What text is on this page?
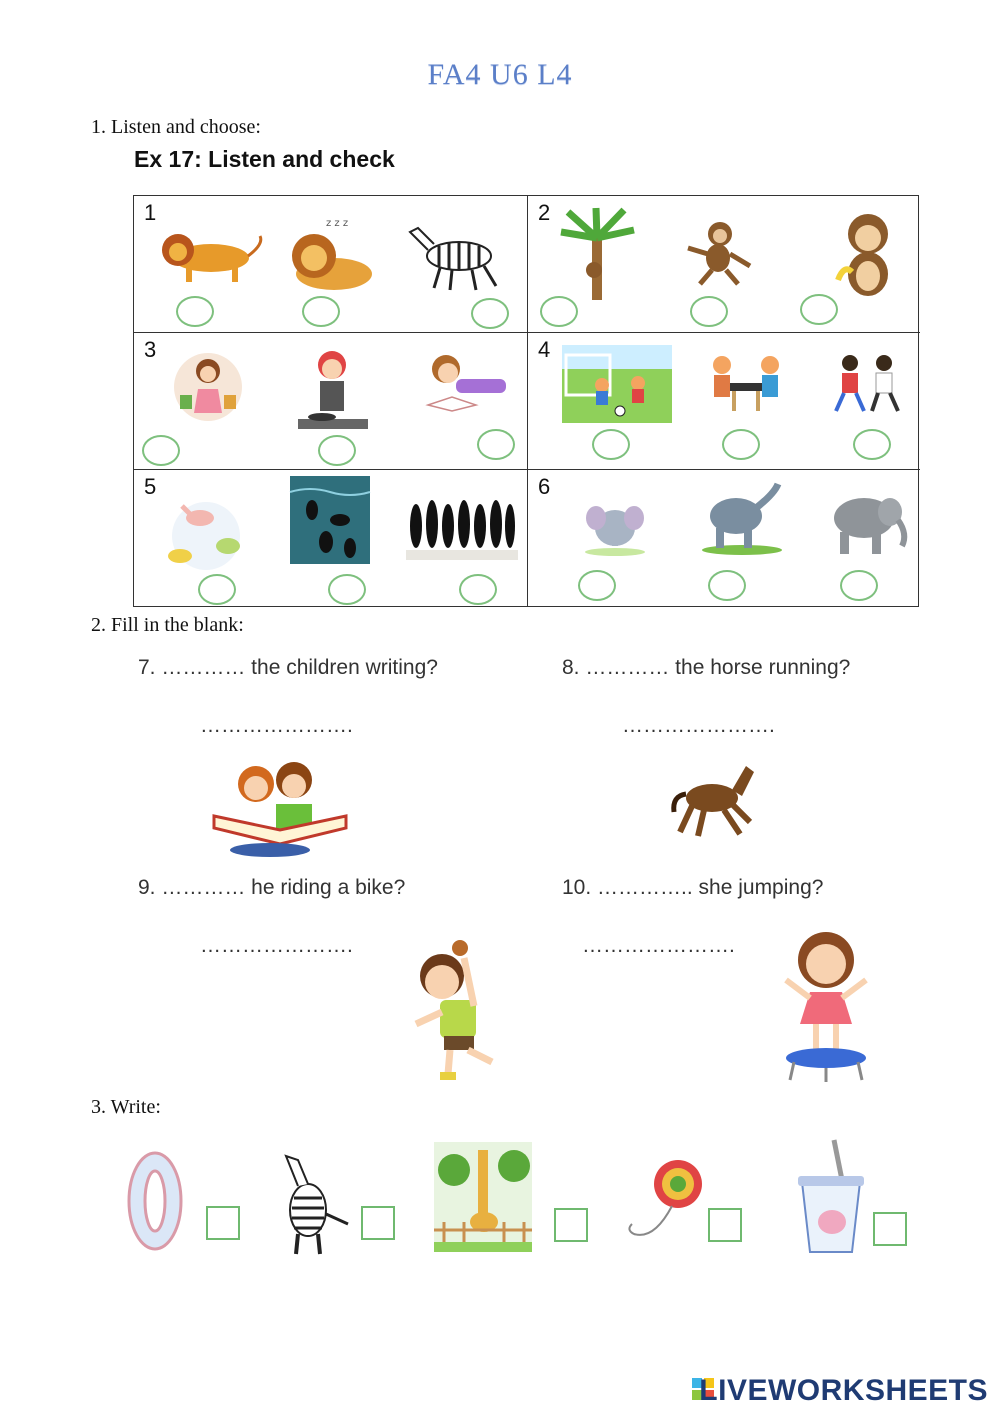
FA4 U6 L4
1. Listen and choose:
Ex 17: Listen and check
1	z z z	2
3	4
5	6
2. Fill in the blank:
7. ………… the children writing?	8. ………… the horse running?
………………….	………………….
9. ………… he riding a bike?	10. ………….. she jumping?
………………….	………………….
3. Write:
LIVEWORKSHEETS
